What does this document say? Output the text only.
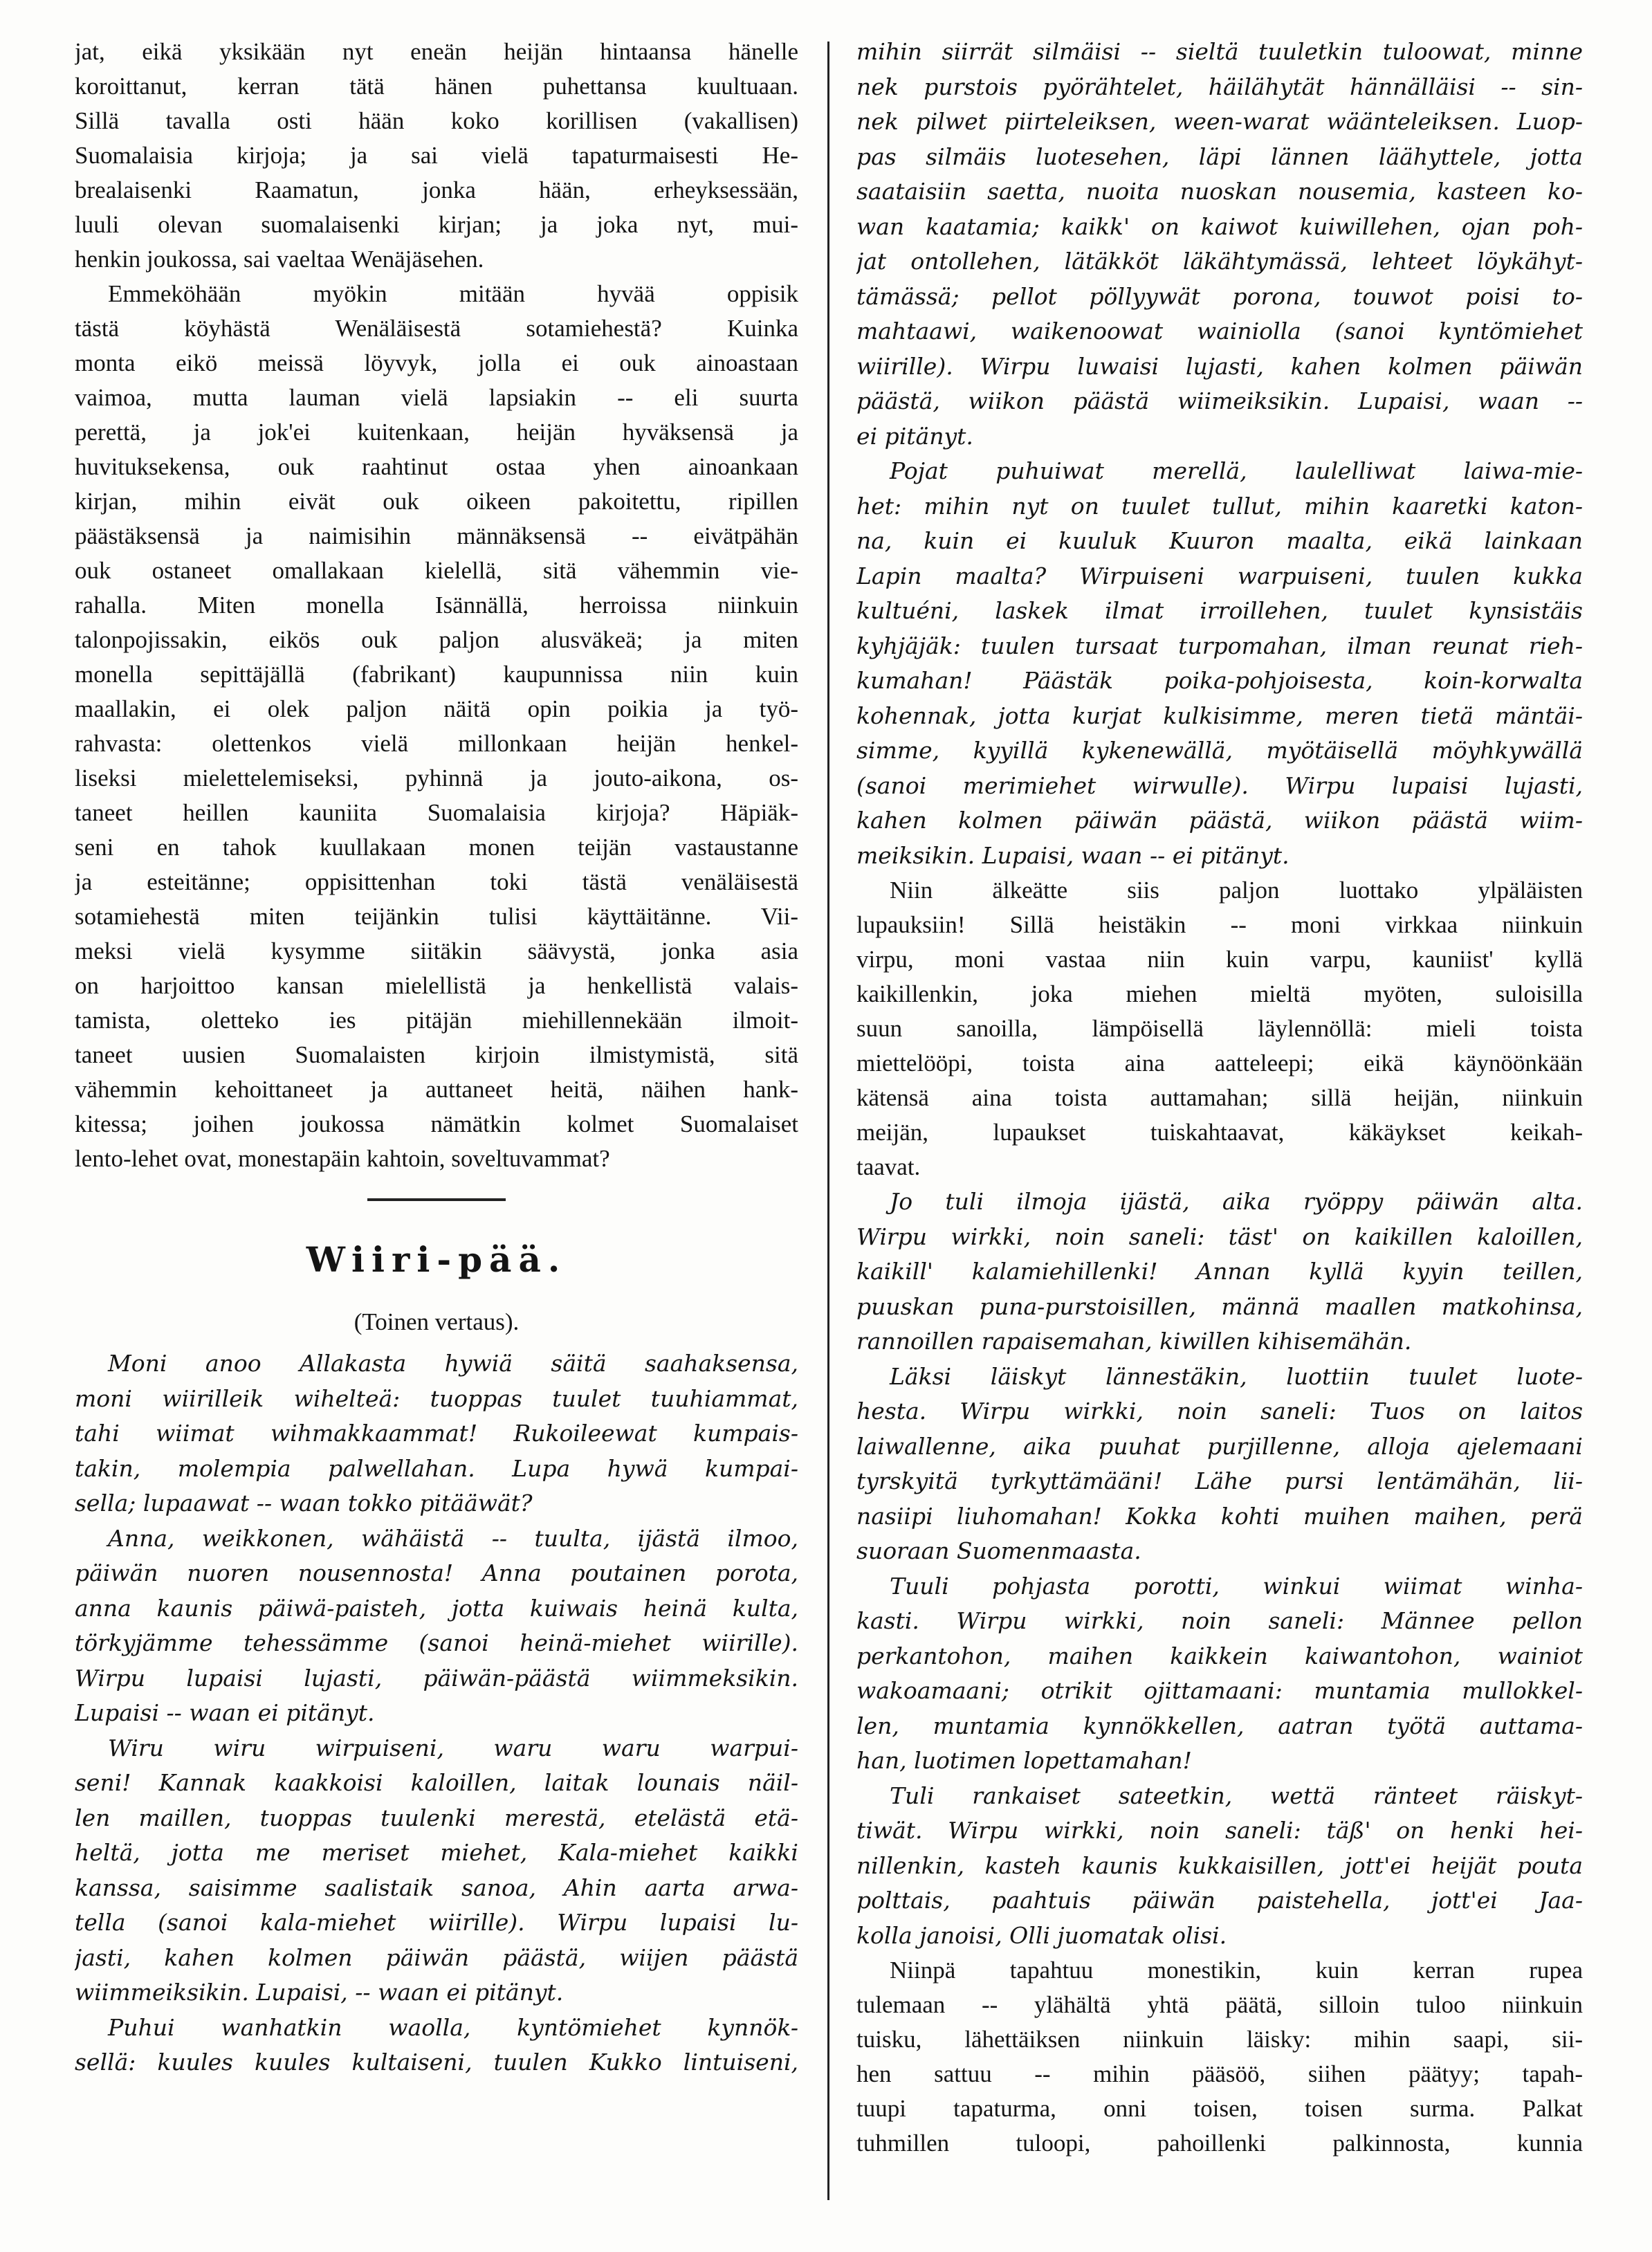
jat, eikä yksikään nyt eneän heijän hintaansa hänelle
koroittanut, kerran tätä hänen puhettansa kuultuaan.
Sillä tavalla osti hään koko korillisen (vakallisen)
Suomalaisia kirjoja; ja sai vielä tapaturmaisesti He-
brealaisenki Raamatun, jonka hään, erheyksessään,
luuli olevan suomalaisenki kirjan; ja joka nyt, mui-
henkin joukossa, sai vaeltaa Wenäjäsehen.
Emmeköhään myökin mitään hyvää oppisik
tästä köyhästä Wenäläisestä sotamiehestä? Kuinka
monta eikö meissä löyvyk, jolla ei ouk ainoastaan
vaimoa, mutta lauman vielä lapsiakin -- eli suurta
perettä, ja jok'ei kuitenkaan, heijän hyväksensä ja
huvituksekensa, ouk raahtinut ostaa yhen ainoankaan
kirjan, mihin eivät ouk oikeen pakoitettu, ripillen
päästäksensä ja naimisihin männäksensä -- eivätpähän
ouk ostaneet omallakaan kielellä, sitä vähemmin vie-
rahalla. Miten monella Isännällä, herroissa niinkuin
talonpojissakin, eikös ouk paljon alusväkeä; ja miten
monella sepittäjällä (fabrikant) kaupunnissa niin kuin
maallakin, ei olek paljon näitä opin poikia ja työ-
rahvasta: olettenkos vielä millonkaan heijän henkel-
liseksi mielettelemiseksi, pyhinnä ja jouto-aikona, os-
taneet heillen kauniita Suomalaisia kirjoja? Häpiäk-
seni en tahok kuullakaan monen teijän vastaustanne
ja esteitänne; oppisittenhan toki tästä venäläisestä
sotamiehestä miten teijänkin tulisi käyttäitänne. Vii-
meksi vielä kysymme siitäkin säävystä, jonka asia
on harjoittoo kansan mielellistä ja henkellistä valais-
tamista, oletteko ies pitäjän miehillennekään ilmoit-
taneet uusien Suomalaisten kirjoin ilmistymistä, sitä
vähemmin kehoittaneet ja auttaneet heitä, näihen hank-
kitessa; joihen joukossa nämätkin kolmet Suomalaiset
lento-lehet ovat, monestapäin kahtoin, soveltuvammat?
Wiiri-pää.
(Toinen vertaus).
Moni anoo Allakasta hywiä säitä saahaksensa,
moni wiirilleik wihelteä: tuoppas tuulet tuuhiammat,
tahi wiimat wihmakkaammat! Rukoileewat kumpais-
takin, molempia palwellahan. Lupa hywä kumpai-
sella; lupaawat -- waan tokko pitääwät?
Anna, weikkonen, wähäistä -- tuulta, ijästä ilmoo,
päiwän nuoren nousennosta! Anna poutainen porota,
anna kaunis päiwä-paisteh, jotta kuiwais heinä kulta,
törkyjämme tehessämme (sanoi heinä-miehet wiirille).
Wirpu lupaisi lujasti, päiwän-päästä wiimmeksikin.
Lupaisi -- waan ei pitänyt.
Wiru wiru wirpuiseni, waru waru warpui-
seni! Kannak kaakkoisi kaloillen, laitak lounais näil-
len maillen, tuoppas tuulenki merestä, etelästä etä-
heltä, jotta me meriset miehet, Kala-miehet kaikki
kanssa, saisimme saalistaik sanoa, Ahin aarta arwa-
tella (sanoi kala-miehet wiirille). Wirpu lupaisi lu-
jasti, kahen kolmen päiwän päästä, wiijen päästä
wiimmeiksikin. Lupaisi, -- waan ei pitänyt.
Puhui wanhatkin waolla, kyntömiehet kynnök-
sellä: kuules kuules kultaiseni, tuulen Kukko lintuiseni,
mihin siirrät silmäisi -- sieltä tuuletkin tuloowat, minne
nek purstois pyörähtelet, häilähytät hännälläisi -- sin-
nek pilwet piirteleiksen, ween-warat wäänteleiksen. Luop-
pas silmäis luotesehen, läpi lännen läähyttele, jotta
saataisiin saetta, nuoita nuoskan nousemia, kasteen ko-
wan kaatamia; kaikk' on kaiwot kuiwillehen, ojan poh-
jat ontollehen, lätäkköt läkähtymässä, lehteet löykähyt-
tämässä; pellot pöllyywät porona, touwot poisi to-
mahtaawi, waikenoowat wainiolla (sanoi kyntömiehet
wiirille). Wirpu luwaisi lujasti, kahen kolmen päiwän
päästä, wiikon päästä wiimeiksikin. Lupaisi, waan --
ei pitänyt.
Pojat puhuiwat merellä, laulelliwat laiwa-mie-
het: mihin nyt on tuulet tullut, mihin kaaretki katon-
na, kuin ei kuuluk Kuuron maalta, eikä lainkaan
Lapin maalta? Wirpuiseni warpuiseni, tuulen kukka
kultuéni, laskek ilmat irroillehen, tuulet kynsistäis
kyhjäjäk: tuulen tursaat turpomahan, ilman reunat rieh-
kumahan! Päästäk poika-pohjoisesta, koin-korwalta
kohennak, jotta kurjat kulkisimme, meren tietä mäntäi-
simme, kyyillä kykenewällä, myötäisellä möyhkywällä
(sanoi merimiehet wirwulle). Wirpu lupaisi lujasti,
kahen kolmen päiwän päästä, wiikon päästä wiim-
meiksikin. Lupaisi, waan -- ei pitänyt.
Niin älkeätte siis paljon luottako ylpäläisten
lupauksiin! Sillä heistäkin -- moni virkkaa niinkuin
virpu, moni vastaa niin kuin varpu, kauniist' kyllä
kaikillenkin, joka miehen mieltä myöten, suloisilla
suun sanoilla, lämpöisellä läylennöllä: mieli toista
miettelööpi, toista aina aatteleepi; eikä käynöönkään
kätensä aina toista auttamahan; sillä heijän, niinkuin
meijän, lupaukset tuiskahtaavat, käkäykset keikah-
taavat.
Jo tuli ilmoja ijästä, aika ryöppy päiwän alta.
Wirpu wirkki, noin saneli: täst' on kaikillen kaloillen,
kaikill' kalamiehillenki! Annan kyllä kyyin teillen,
puuskan puna-purstoisillen, männä maallen matkohinsa,
rannoillen rapaisemahan, kiwillen kihisemähän.
Läksi läiskyt lännestäkin, luottiin tuulet luote-
hesta. Wirpu wirkki, noin saneli: Tuos on laitos
laiwallenne, aika puuhat purjillenne, alloja ajelemaani
tyrskyitä tyrkyttämääni! Lähe pursi lentämähän, lii-
nasiipi liuhomahan! Kokka kohti muihen maihen, perä
suoraan Suomenmaasta.
Tuuli pohjasta porotti, winkui wiimat winha-
kasti. Wirpu wirkki, noin saneli: Männee pellon
perkantohon, maihen kaikkein kaiwantohon, wainiot
wakoamaani; otrikit ojittamaani: muntamia mullokkel-
len, muntamia kynnökkellen, aatran työtä auttama-
han, luotimen lopettamahan!
Tuli rankaiset sateetkin, wettä ränteet räiskyt-
tiwät. Wirpu wirkki, noin saneli: täß' on henki hei-
nillenkin, kasteh kaunis kukkaisillen, jott'ei heijät pouta
polttais, paahtuis päiwän paistehella, jott'ei Jaa-
kolla janoisi, Olli juomatak olisi.
Niinpä tapahtuu monestikin, kuin kerran rupea
tulemaan -- ylähältä yhtä päätä, silloin tuloo niinkuin
tuisku, lähettäiksen niinkuin läisky: mihin saapi, sii-
hen sattuu -- mihin pääsöö, siihen päätyy; tapah-
tuupi tapaturma, onni toisen, toisen surma. Palkat
tuhmillen tuloopi, pahoillenki palkinnosta, kunnia
